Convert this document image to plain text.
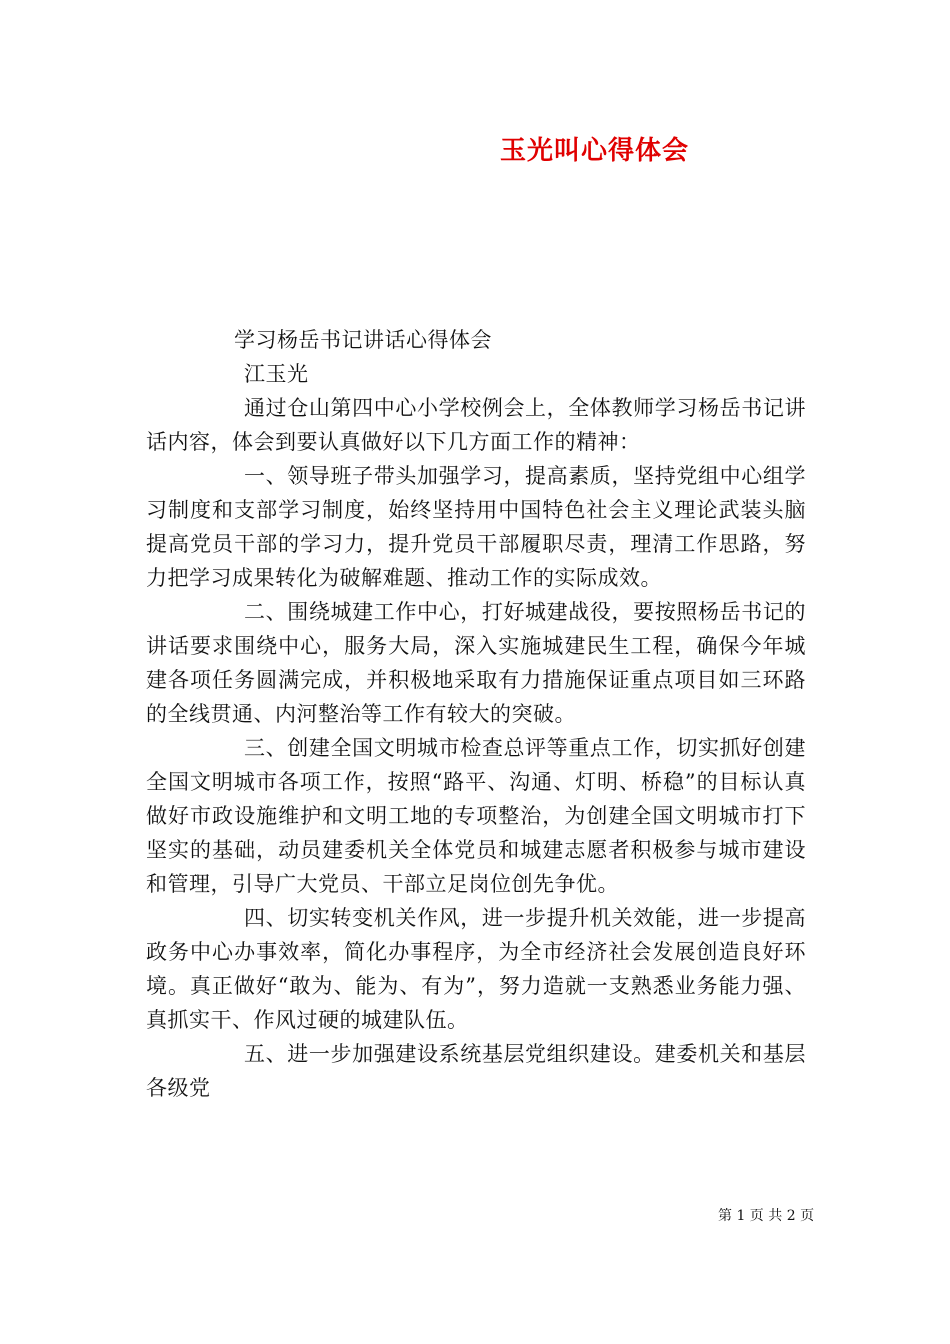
玉光叫心得体会

学习杨岳书记讲话心得体会

江玉光

通过仓山第四中心小学校例会上，全体教师学习杨岳书记讲话内容，体会到要认真做好以下几方面工作的精神：

一、领导班子带头加强学习，提高素质，坚持党组中心组学习制度和支部学习制度，始终坚持用中国特色社会主义理论武装头脑提高党员干部的学习力，提升党员干部履职尽责，理清工作思路，努力把学习成果转化为破解难题、推动工作的实际成效。

二、围绕城建工作中心，打好城建战役，要按照杨岳书记的讲话要求围绕中心，服务大局，深入实施城建民生工程，确保今年城建各项任务圆满完成，并积极地采取有力措施保证重点项目如三环路的全线贯通、内河整治等工作有较大的突破。

三、创建全国文明城市检查总评等重点工作，切实抓好创建全国文明城市各项工作，按照“路平、沟通、灯明、桥稳”的目标认真做好市政设施维护和文明工地的专项整治，为创建全国文明城市打下坚实的基础，动员建委机关全体党员和城建志愿者积极参与城市建设和管理，引导广大党员、干部立足岗位创先争优。

四、切实转变机关作风，进一步提升机关效能，进一步提高政务中心办事效率，简化办事程序，为全市经济社会发展创造良好环境。真正做好“敢为、能为、有为”，努力造就一支熟悉业务能力强、真抓实干、作风过硬的城建队伍。

五、进一步加强建设系统基层党组织建设。建委机关和基层各级党

第 1 页 共 2 页
